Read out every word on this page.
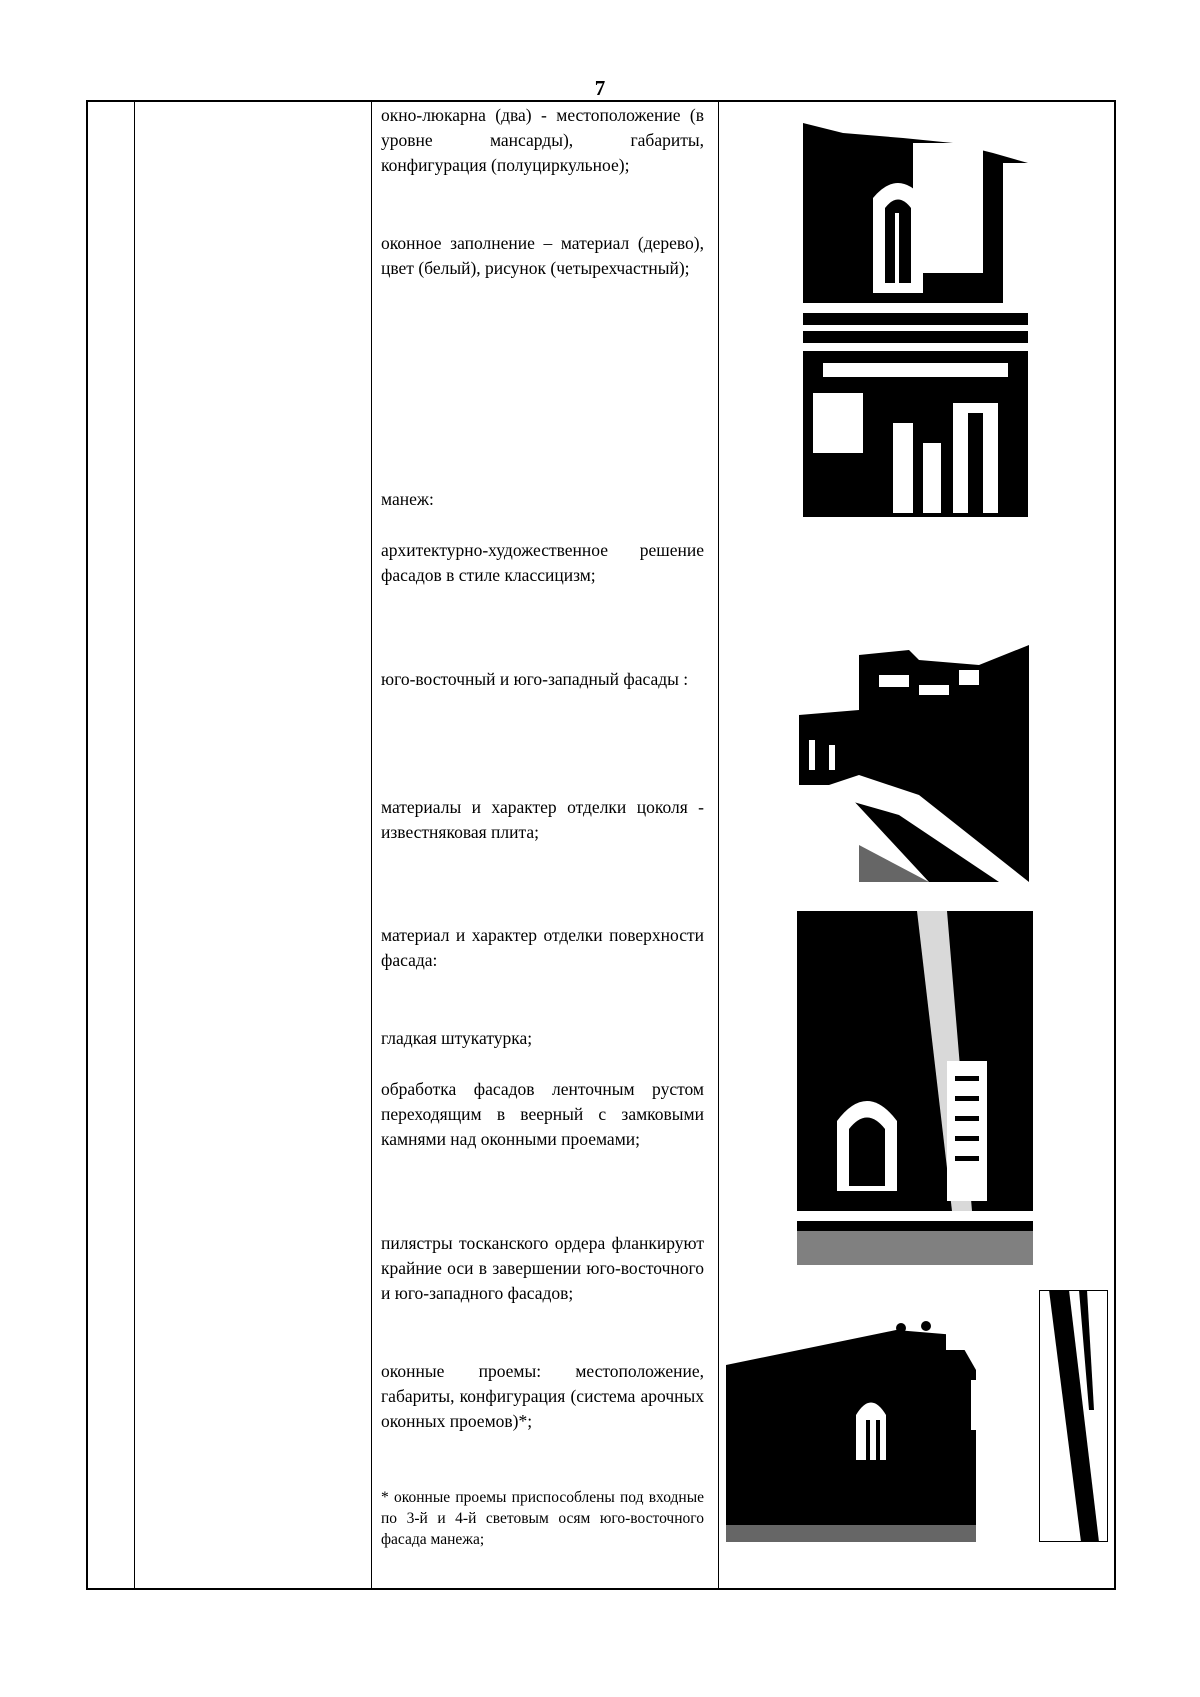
7

окно-люкарна (два) - местоположение (в уровне мансарды), габариты, конфигурация (полуциркульное);

оконное заполнение – материал (дерево), цвет (белый), рисунок (четырехчастный);

манеж:

архитектурно-художественное решение фасадов в стиле классицизм;

юго-восточный и юго-западный фасады :

материалы и характер отделки цоколя - известняковая плита;

материал и характер отделки поверхности фасада:

гладкая штукатурка;

обработка фасадов ленточным рустом переходящим в веерный с замковыми камнями над оконными проемами;

пилястры тосканского ордера фланкируют крайние оси в завершении юго-восточного и юго-западного фасадов;

оконные проемы: местоположение, габариты, конфигурация (система арочных оконных проемов)*;

* оконные проемы приспособлены под входные по 3-й и 4-й световым осям юго-восточного фасада манежа;
